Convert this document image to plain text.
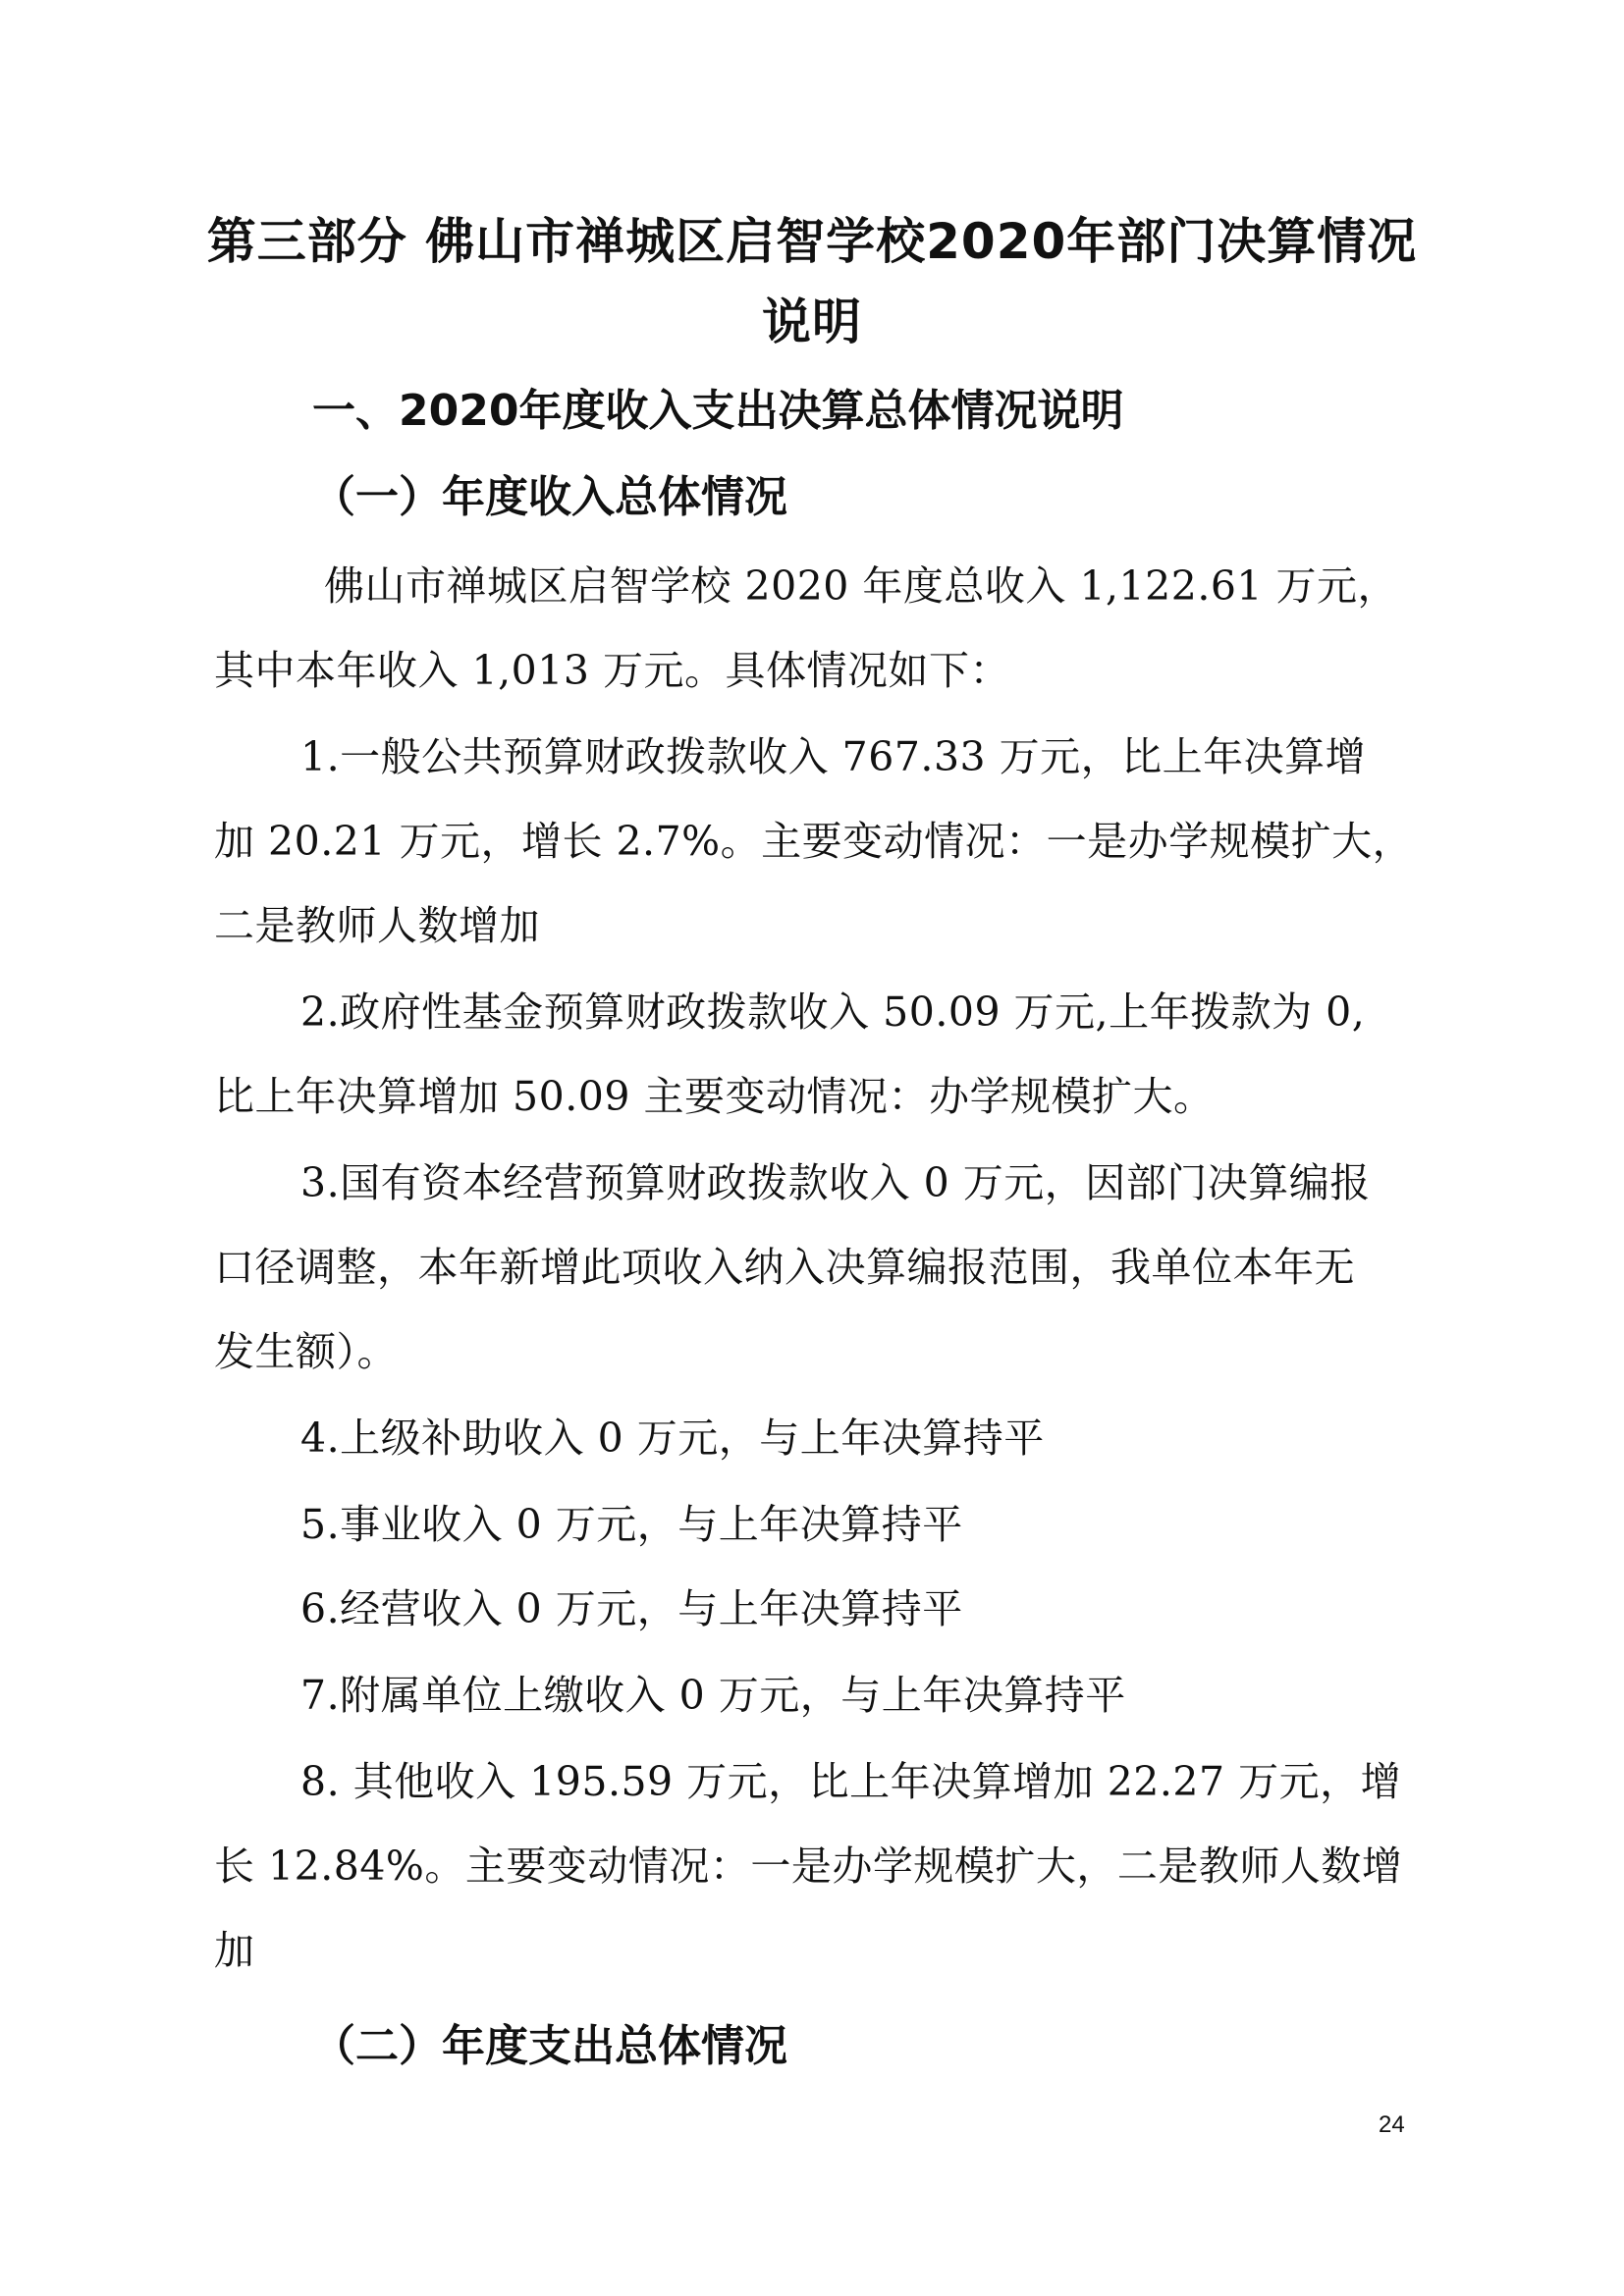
第三部分 佛山市禅城区启智学校2020年部门决算情况
说明
一、2020年度收入支出决算总体情况说明
（一）年度收入总体情况
佛山市禅城区启智学校 2020 年度总收入 1,122.61 万元，
其中本年收入 1,013 万元。具体情况如下：
1.一般公共预算财政拨款收入 767.33 万元，比上年决算增
加 20.21 万元，增长 2.7%。主要变动情况：一是办学规模扩大，
二是教师人数增加
2.政府性基金预算财政拨款收入 50.09 万元,上年拨款为 0,
比上年决算增加 50.09 主要变动情况：办学规模扩大。
3.国有资本经营预算财政拨款收入 0 万元，因部门决算编报
口径调整，本年新增此项收入纳入决算编报范围，我单位本年无
发生额）。
4.上级补助收入 0 万元，与上年决算持平
5.事业收入 0 万元，与上年决算持平
6.经营收入 0 万元，与上年决算持平
7.附属单位上缴收入 0 万元，与上年决算持平
8. 其他收入 195.59 万元，比上年决算增加 22.27 万元，增
长 12.84%。主要变动情况：一是办学规模扩大，二是教师人数增
加
（二）年度支出总体情况
24
